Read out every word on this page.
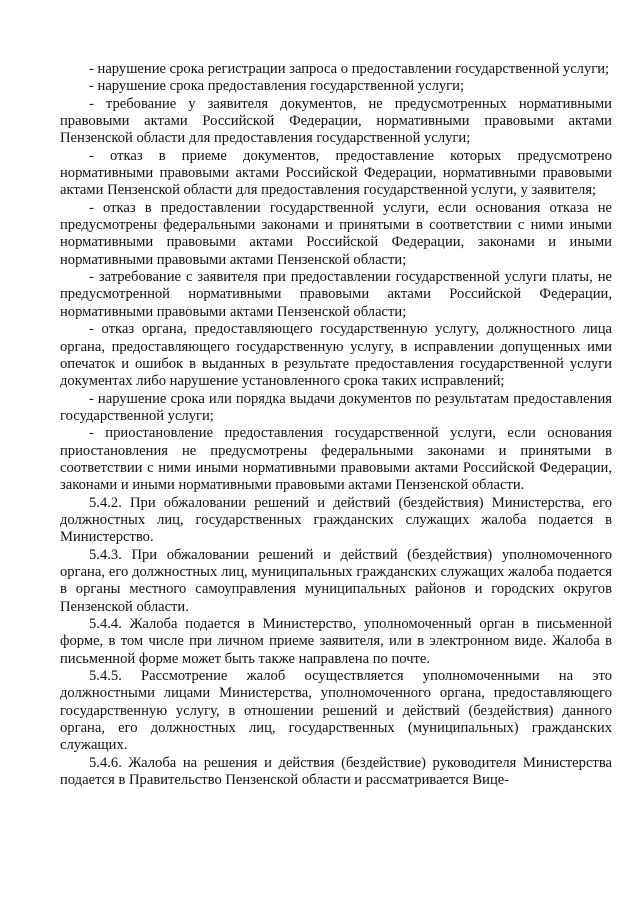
- нарушение срока регистрации запроса о предоставлении государственной услуги;

- нарушение срока предоставления государственной услуги;

- требование у заявителя документов, не предусмотренных нормативными правовыми актами Российской Федерации, нормативными правовыми актами Пензенской области для предоставления государственной услуги;

- отказ в приеме документов, предоставление которых предусмотрено нормативными правовыми актами Российской Федерации, нормативными правовыми актами Пензенской области для предоставления государственной услуги, у заявителя;

- отказ в предоставлении государственной услуги, если основания отказа не предусмотрены федеральными законами и принятыми в соответствии с ними иными нормативными правовыми актами Российской Федерации, законами и иными нормативными правовыми актами Пензенской области;

- затребование с заявителя при предоставлении государственной услуги платы, не предусмотренной нормативными правовыми актами Российской Федерации, нормативными правовыми актами Пензенской области;

- отказ органа, предоставляющего государственную услугу, должностного лица органа, предоставляющего государственную услугу, в исправлении допущенных ими опечаток и ошибок в выданных в результате предоставления государственной услуги документах либо нарушение установленного срока таких исправлений;

- нарушение срока или порядка выдачи документов по результатам предоставления государственной услуги;

- приостановление предоставления государственной услуги, если основания приостановления не предусмотрены федеральными законами и принятыми в соответствии с ними иными нормативными правовыми актами Российской Федерации, законами и иными нормативными правовыми актами Пензенской области.

5.4.2. При обжаловании решений и действий (бездействия) Министерства, его должностных лиц, государственных гражданских служащих жалоба подается в Министерство.

5.4.3. При обжаловании решений и действий (бездействия) уполномоченного органа, его должностных лиц, муниципальных гражданских служащих жалоба подается в органы местного самоуправления муниципальных районов и городских округов Пензенской области.

5.4.4. Жалоба подается в Министерство, уполномоченный орган в письменной форме, в том числе при личном приеме заявителя, или в электронном виде. Жалоба в письменной форме может быть также направлена по почте.

5.4.5. Рассмотрение жалоб осуществляется уполномоченными на это должностными лицами Министерства, уполномоченного органа, предоставляющего государственную услугу, в отношении решений и действий (бездействия) данного органа, его должностных лиц, государственных (муниципальных) гражданских служащих.

5.4.6. Жалоба на решения и действия (бездействие) руководителя Министерства подается в Правительство Пензенской области и рассматривается Вице-
